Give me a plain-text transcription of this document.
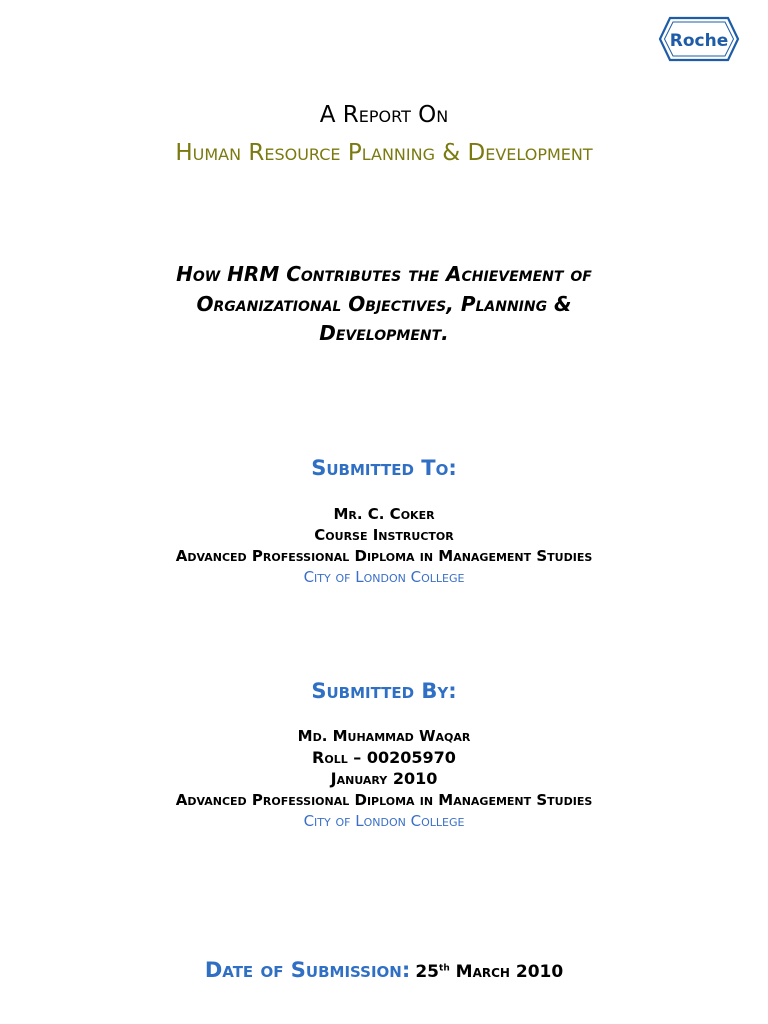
Roche
A Report On
Human Resource Planning & Development
How HRM Contributes the Achievement of
Organizational Objectives, Planning &
Development.
Submitted To:
Mr. C. Coker
Course Instructor
Advanced Professional Diploma in Management Studies
City of London College
Submitted By:
Md. Muhammad Waqar
Roll – 00205970
January 2010
Advanced Professional Diploma in Management Studies
City of London College
Date of Submission: 25th March 2010
